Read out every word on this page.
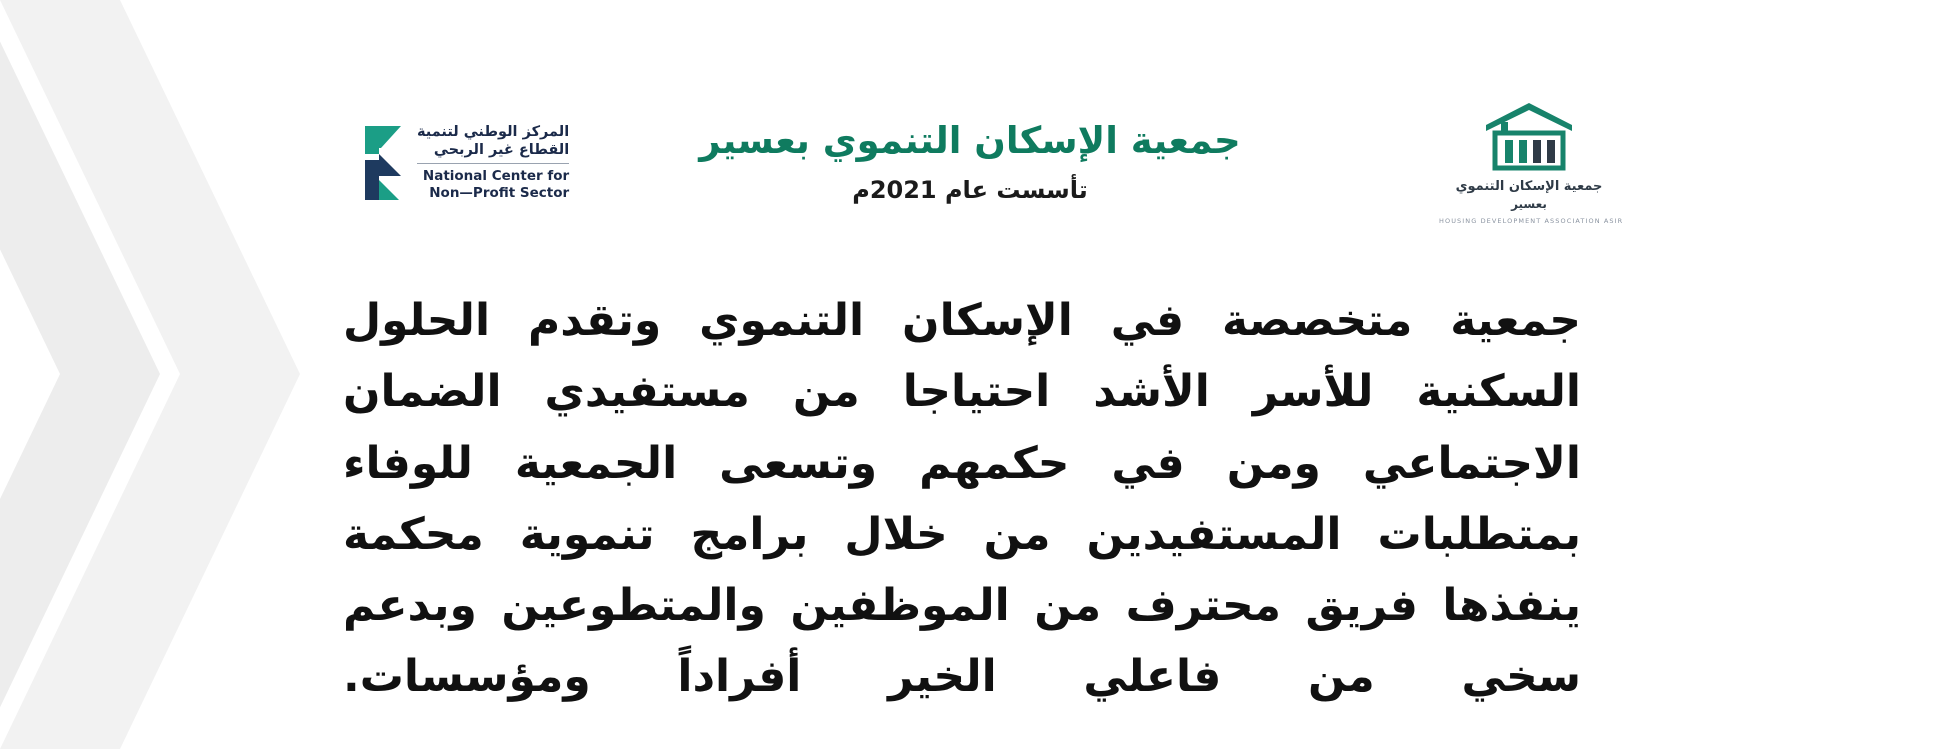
المركز الوطني لتنمية
القطاع غير الربحي
National Center for
Non—Profit Sector
جمعية الإسكان التنموي بعسير
تأسست عام 2021م	جمعية الإسكان التنموي
بعسير
HOUSING DEVELOPMENT ASSOCIATION ASIR
جمعية متخصصة في الإسكان التنموي وتقدم الحلول السكنية للأسر الأشد احتياجا من مستفيدي الضمان الاجتماعي ومن في حكمهم وتسعى الجمعية للوفاء بمتطلبات المستفيدين من خلال برامج تنموية محكمة ينفذها فريق محترف من الموظفين والمتطوعين وبدعم سخي من فاعلي الخير أفراداً ومؤسسات.
